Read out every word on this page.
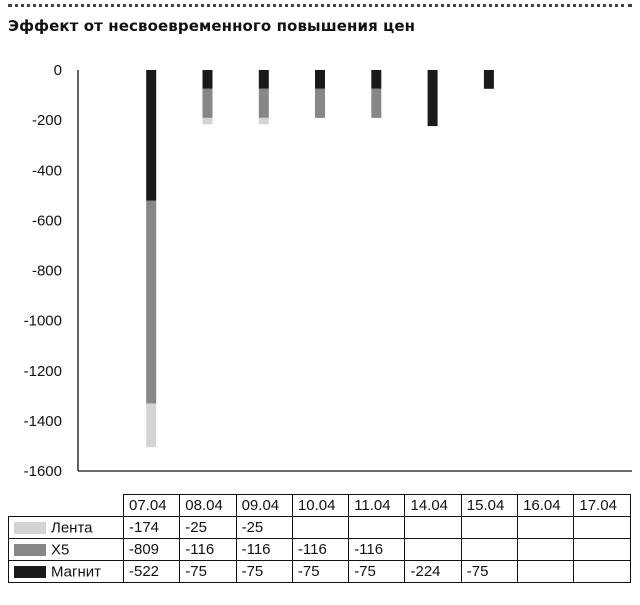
Эффект от несвоевременного повышения цен
0
-200
-400
-600
-800
-1000
-1200
-1400
-1600
	07.04	08.04	09.04	10.04	11.04	14.04	15.04	16.04	17.04
Лента	-174	-25	-25						
X5	-809	-116	-116	-116	-116				
Магнит	-522	-75	-75	-75	-75	-224	-75		
